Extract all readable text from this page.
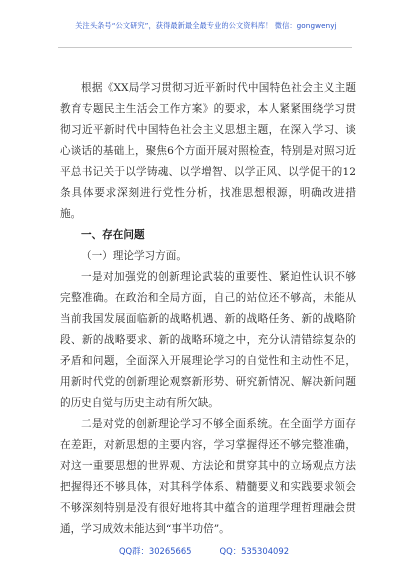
关注头条号“公文研究”，获得最新最全最专业的公文资料库！ 微信：gongwenyj

根据《XX局学习贯彻习近平新时代中国特色社会主义主题教育专题民主生活会工作方案》的要求，本人紧紧围绕学习贯彻习近平新时代中国特色社会主义思想主题，在深入学习、谈心谈话的基础上，聚焦6个方面开展对照检查，特别是对照习近平总书记关于以学铸魂、以学增智、以学正风、以学促干的12条具体要求深刻进行党性分析，找准思想根源，明确改进措施。

一、存在问题

（一）理论学习方面。

一是对加强党的创新理论武装的重要性、紧迫性认识不够完整准确。在政治和全局方面，自己的站位还不够高，未能从当前我国发展面临新的战略机遇、新的战略任务、新的战略阶段、新的战略要求、新的战略环境之中，充分认清错综复杂的矛盾和问题，全面深入开展理论学习的自觉性和主动性不足，用新时代党的创新理论观察新形势、研究新情况、解决新问题的历史自觉与历史主动有所欠缺。

二是对党的创新理论学习不够全面系统。在全面学方面存在差距，对新思想的主要内容，学习掌握得还不够完整准确，对这一重要思想的世界观、方法论和贯穿其中的立场观点方法把握得还不够具体，对其科学体系、精髓要义和实践要求领会不够深刻特别是没有很好地将其中蕴含的道理学理哲理融会贯通，学习成效未能达到“事半功倍”。

QQ群：30265665	QQ：535304092
